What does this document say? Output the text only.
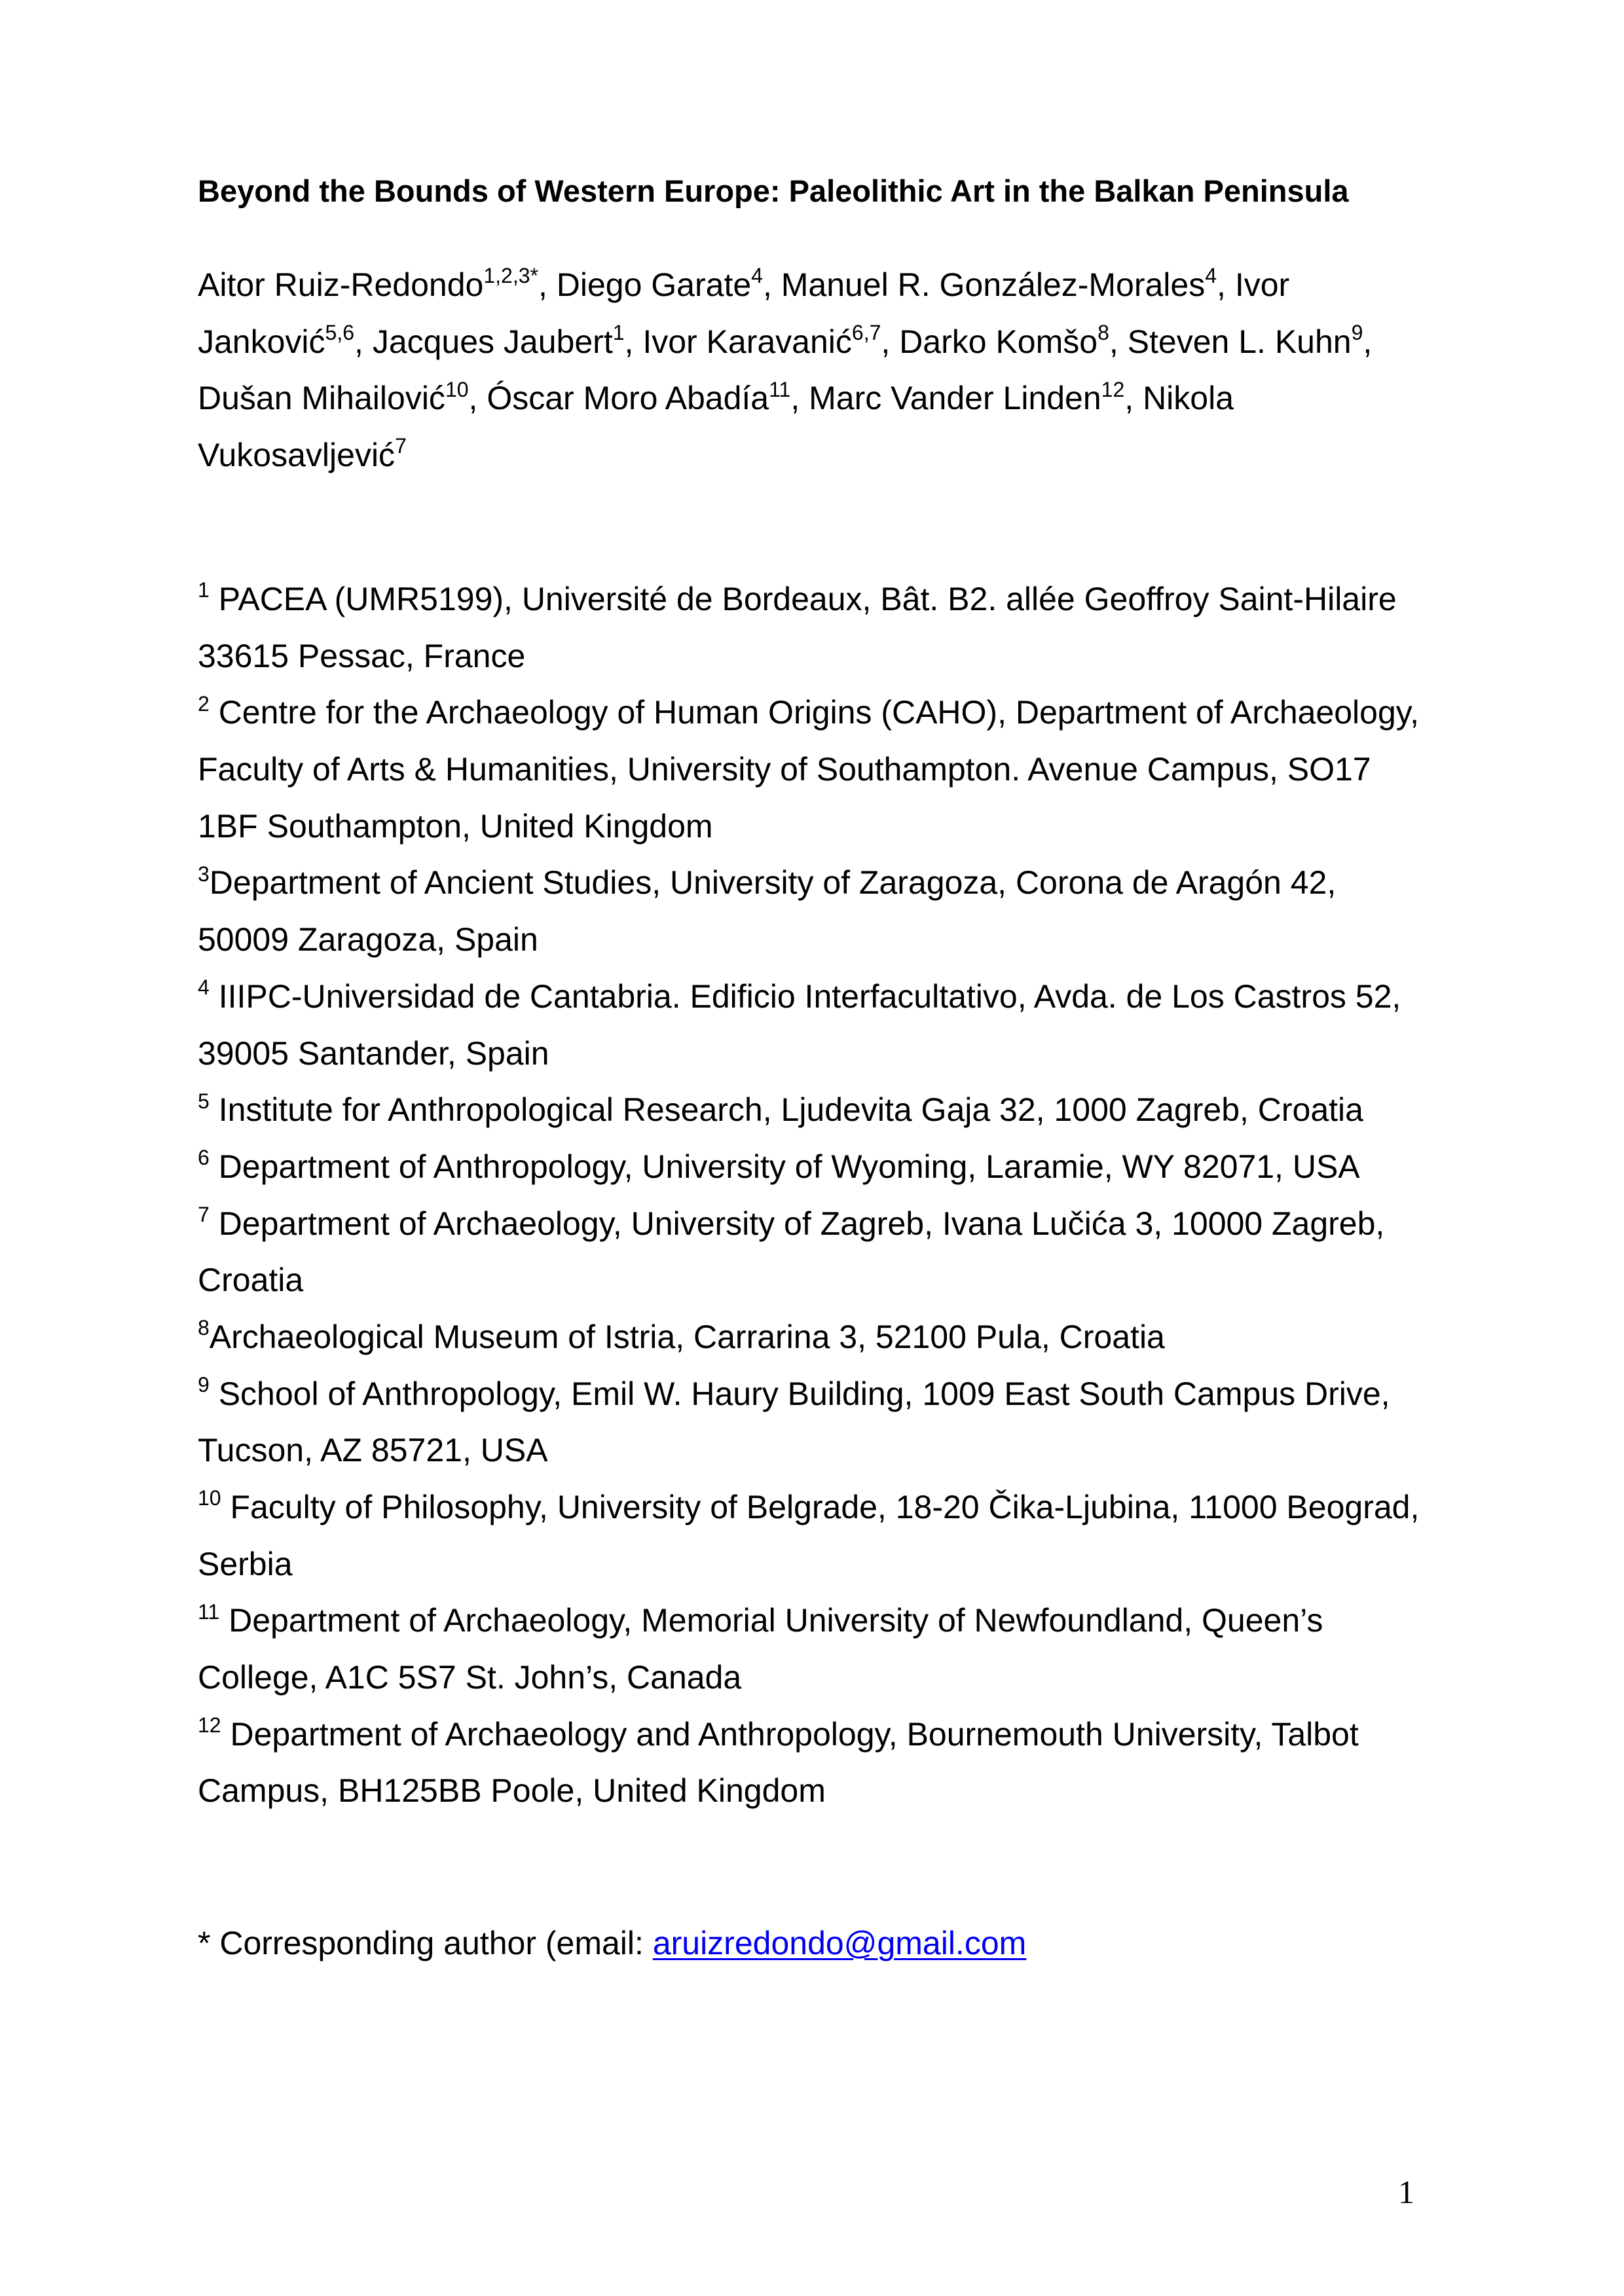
Beyond the Bounds of Western Europe: Paleolithic Art in the Balkan Peninsula
Aitor Ruiz-Redondo$^{1,2,3*}$, Diego Garate$^4$, Manuel R. González-Morales$^4$, Ivor
Janković$^{5,6}$, Jacques Jaubert$^1$, Ivor Karavanić$^{6,7}$, Darko Komšo$^8$, Steven L. Kuhn$^9$,
Dušan Mihailović$^{10}$, Óscar Moro Abadía$^{11}$, Marc Vander Linden$^{12}$, Nikola
Vukosavljević$^7$
$^1$ PACEA (UMR5199), Université de Bordeaux, Bât. B2. allée Geoffroy Saint-Hilaire
33615 Pessac, France
$^2$ Centre for the Archaeology of Human Origins (CAHO), Department of Archaeology,
Faculty of Arts & Humanities, University of Southampton. Avenue Campus, SO17
1BF Southampton, United Kingdom
$^3$Department of Ancient Studies, University of Zaragoza, Corona de Aragón 42,
50009 Zaragoza, Spain
$^4$ IIIPC-Universidad de Cantabria. Edificio Interfacultativo, Avda. de Los Castros 52,
39005 Santander, Spain
$^5$ Institute for Anthropological Research, Ljudevita Gaja 32, 1000 Zagreb, Croatia
$^6$ Department of Anthropology, University of Wyoming, Laramie, WY 82071, USA
$^7$ Department of Archaeology, University of Zagreb, Ivana Lučića 3, 10000 Zagreb,
Croatia
$^8$Archaeological Museum of Istria, Carrarina 3, 52100 Pula, Croatia
$^9$ School of Anthropology, Emil W. Haury Building, 1009 East South Campus Drive,
Tucson, AZ 85721, USA
$^{10}$ Faculty of Philosophy, University of Belgrade, 18-20 Čika-Ljubina, 11000 Beograd,
Serbia
$^{11}$ Department of Archaeology, Memorial University of Newfoundland, Queen’s
College, A1C 5S7 St. John’s, Canada
$^{12}$ Department of Archaeology and Anthropology, Bournemouth University, Talbot
Campus, BH125BB Poole, United Kingdom
* Corresponding author (email: aruizredondo@gmail.com
1
